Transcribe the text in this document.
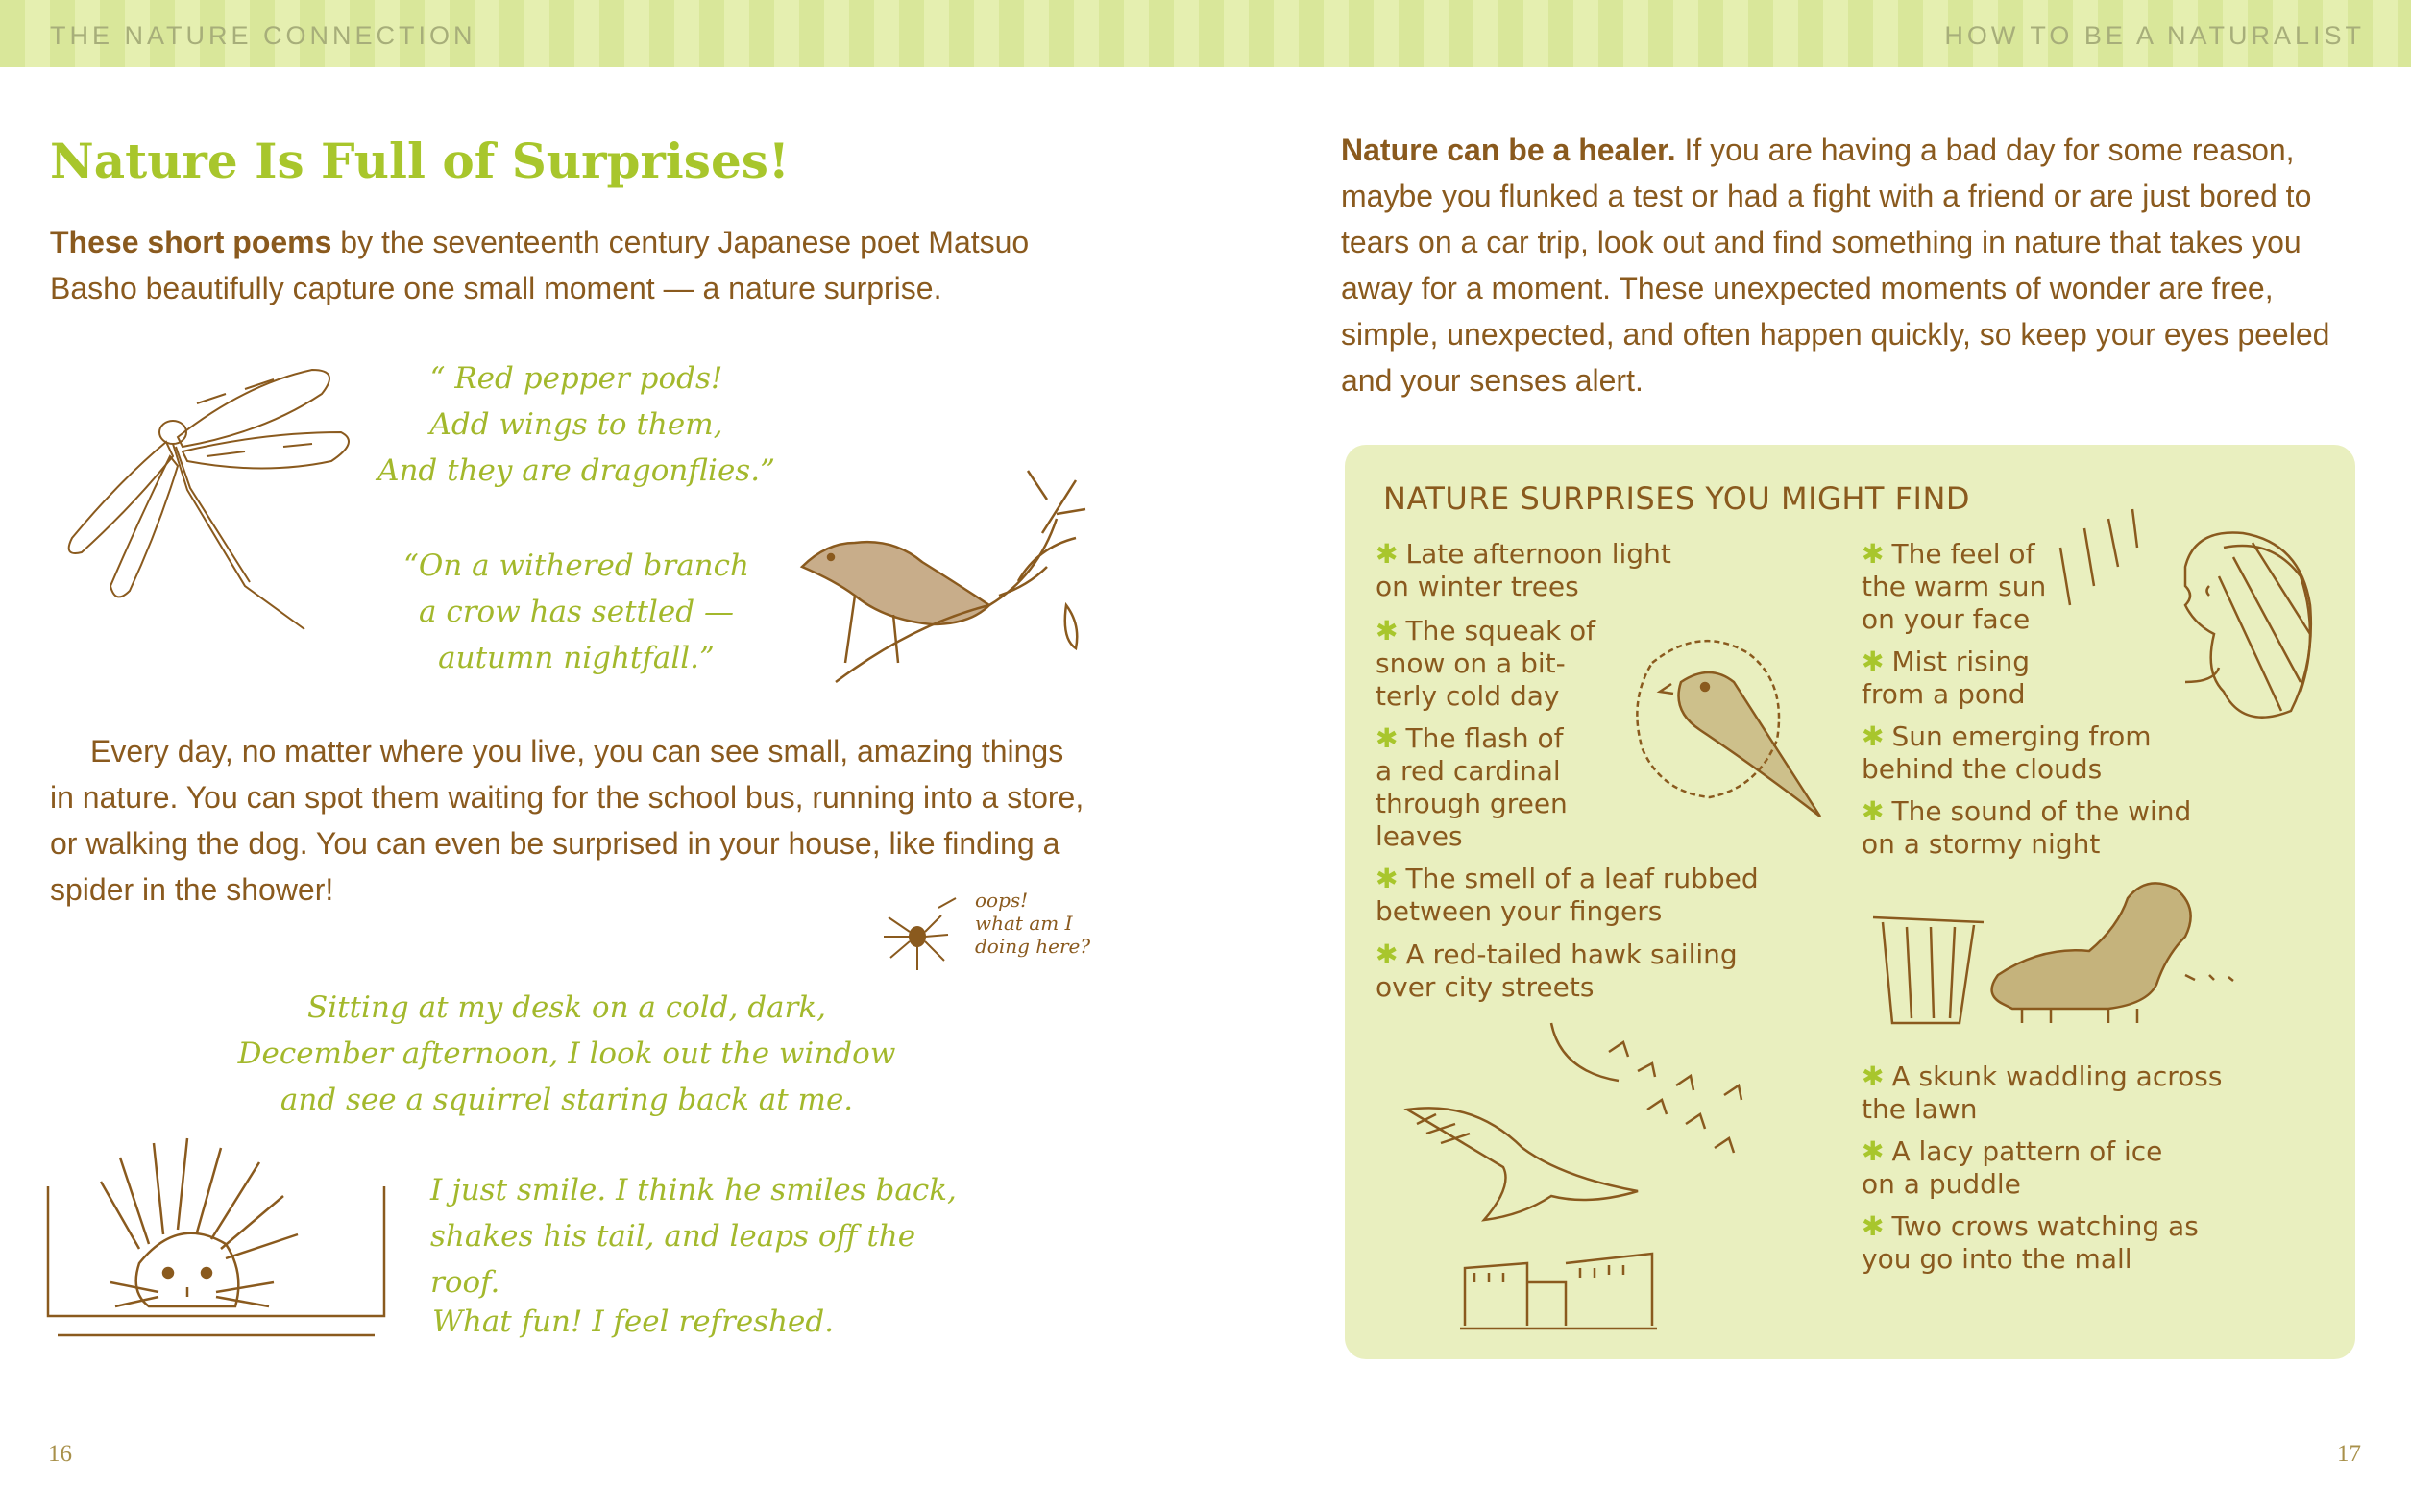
THE NATURE CONNECTION	HOW TO BE A NATURALIST
Nature Is Full of Surprises!

These short poems by the seventeenth century Japanese poet Matsuo Basho beautifully capture one small moment — a nature surprise.

“ Red pepper pods!
Add wings to them,
And they are dragonflies.”
“On a withered branch
a crow has settled —
autumn nightfall.”

Every day, no matter where you live, you can see small, amazing things in nature. You can spot them waiting for the school bus, running into a store, or walking the dog. You can even be surprised in your house, like finding a spider in the shower!	oops!
what am I
doing here?
Sitting at my desk on a cold, dark,
December afternoon, I look out the window
and see a squirrel staring back at me.
I just smile. I think he smiles back,
shakes his tail, and leaps off the roof.
What fun! I feel refreshed.
16

Nature can be a healer. If you are having a bad day for some reason, maybe you flunked a test or had a fight with a friend or are just bored to tears on a car trip, look out and find something in nature that takes you away for a moment. These unexpected moments of wonder are free, simple, unexpected, and often happen quickly, so keep your eyes peeled and your senses alert.

NATURE SURPRISES YOU MIGHT FIND
✱ Late afternoon light
on winter trees
✱ The squeak of
snow on a bit-
terly cold day
✱ The flash of
a red cardinal
through green
leaves
✱ The smell of a leaf rubbed
between your fingers
✱ A red-tailed hawk sailing
over city streets
✱ The feel of
the warm sun
on your face
✱ Mist rising
from a pond
✱ Sun emerging from
behind the clouds
✱ The sound of the wind
on a stormy night
✱ A skunk waddling across
the lawn
✱ A lacy pattern of ice
on a puddle
✱ Two crows watching as
you go into the mall
17
